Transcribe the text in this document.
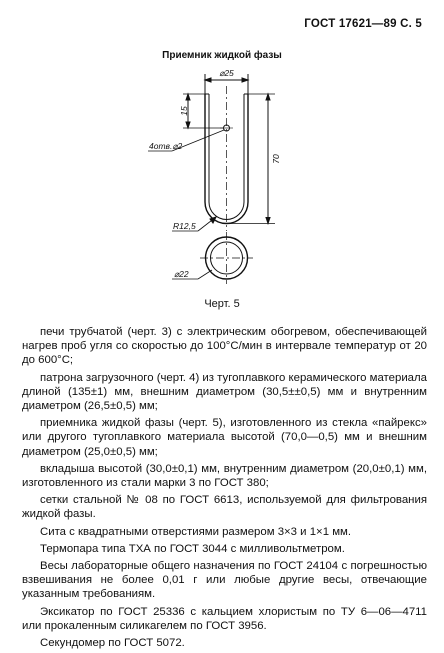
ГОСТ 17621—89 С. 5
Приемник жидкой фазы
⌀25
15
4отв.⌀2
70
R12,5
⌀22
Черт. 5

печи трубчатой (черт. 3) с электрическим обогревом, обеспечивающей нагрев проб угля со скоростью до 100°С/мин в интервале температур от 20 до 600°С;

патрона загрузочного (черт. 4) из тугоплавкого керамического материала длиной (135±1) мм, внешним диаметром (30,5±±0,5) мм и внутренним диаметром (26,5±0,5) мм;

приемника жидкой фазы (черт. 5), изготовленного из стекла «пайрекс» или другого тугоплавкого материала высотой (70,0—0,5) мм и внешним диаметром (25,0±0,5) мм;

вкладыша высотой (30,0±0,1) мм, внутренним диаметром (20,0±0,1) мм, изготовленного из стали марки 3 по ГОСТ 380;

сетки стальной № 08 по ГОСТ 6613, используемой для фильтрования жидкой фазы.

Сита с квадратными отверстиями размером 3×3 и 1×1 мм.

Термопара типа ТХА по ГОСТ 3044 с милливольтметром.

Весы лабораторные общего назначения по ГОСТ 24104 с погрешностью взвешивания не более 0,01 г или любые другие весы, отвечающие указанным требованиям.

Эксикатор по ГОСТ 25336 с кальцием хлористым по ТУ 6—06—4711 или прокаленным силикагелем по ГОСТ 3956.

Секундомер по ГОСТ 5072.
